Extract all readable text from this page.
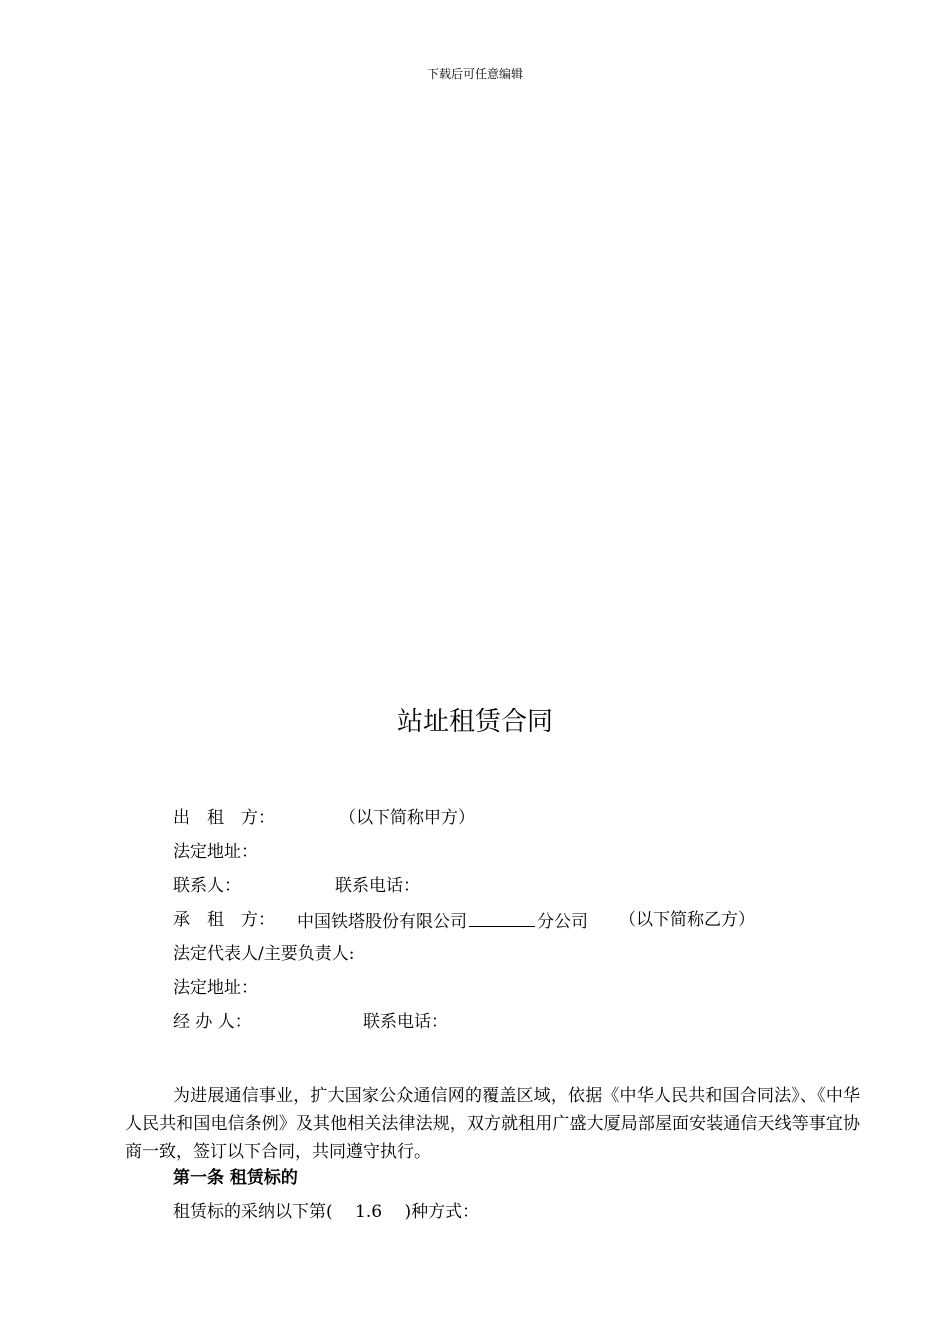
下载后可任意编辑
站址租赁合同

出　租　方：

	（以下简称甲方）

法定地址：

联系人：

	联系电话：

承　租　方：

中国铁塔股份有限公司	分公司

（以下简称乙方）

法定代表人/主要负责人:
法定地址：

经 办 人：

	联系电话：

为进展通信事业，扩大国家公众通信网的覆盖区域，依据《中华人民共和国合同法》、《中华人民共和国电信条例》及其他相关法律法规，双方就租用广盛大厦局部屋面安装通信天线等事宜协商一致，签订以下合同，共同遵守执行。

第一条 租赁标的
租赁标的采纳以下第(　 1.6 　)种方式：
